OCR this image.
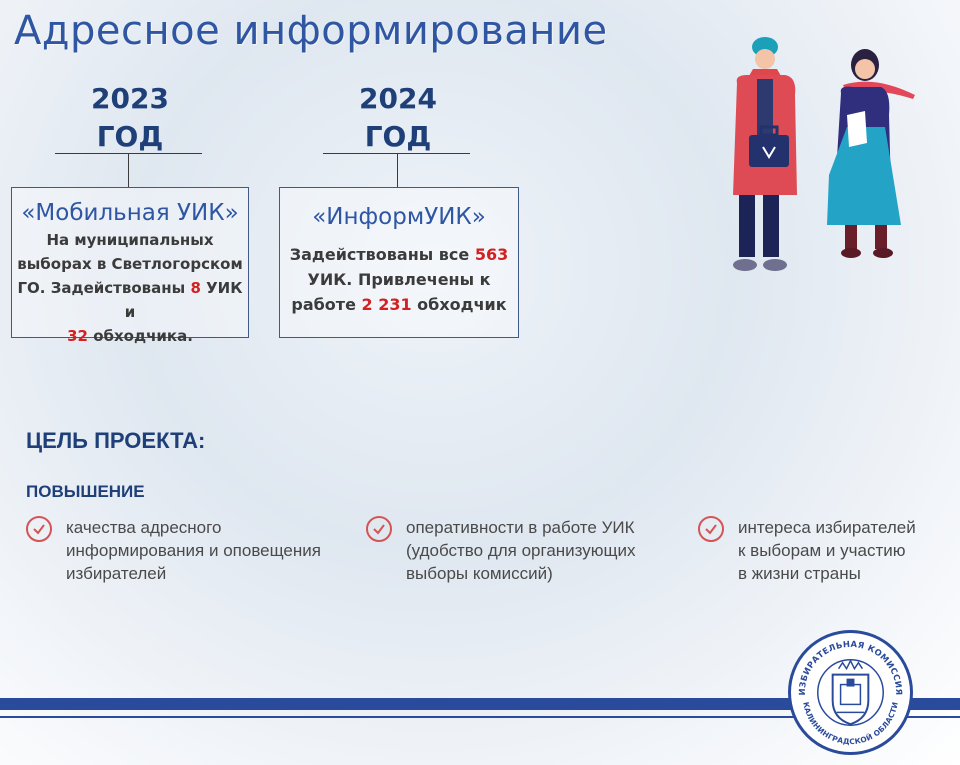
Адресное информирование
2023
ГОД
2024
ГОД
«Мобильная УИК»
На муниципальных
выборах в Светлогорском
ГО. Задействованы 8 УИК и
32 обходчика.
«ИнформУИК»
Задействованы все 563
УИК. Привлечены к
работе 2 231 обходчик
ЦЕЛЬ ПРОЕКТА:
ПОВЫШЕНИЕ
качества адресного
информирования и оповещения
избирателей
оперативности в работе УИК
(удобство для организующих
выборы комиссий)
интереса избирателей
к выборам и участию
в жизни страны
ИЗБИРАТЕЛЬНАЯ КОМИССИЯ
КАЛИНИНГРАДСКОЙ ОБЛАСТИ
